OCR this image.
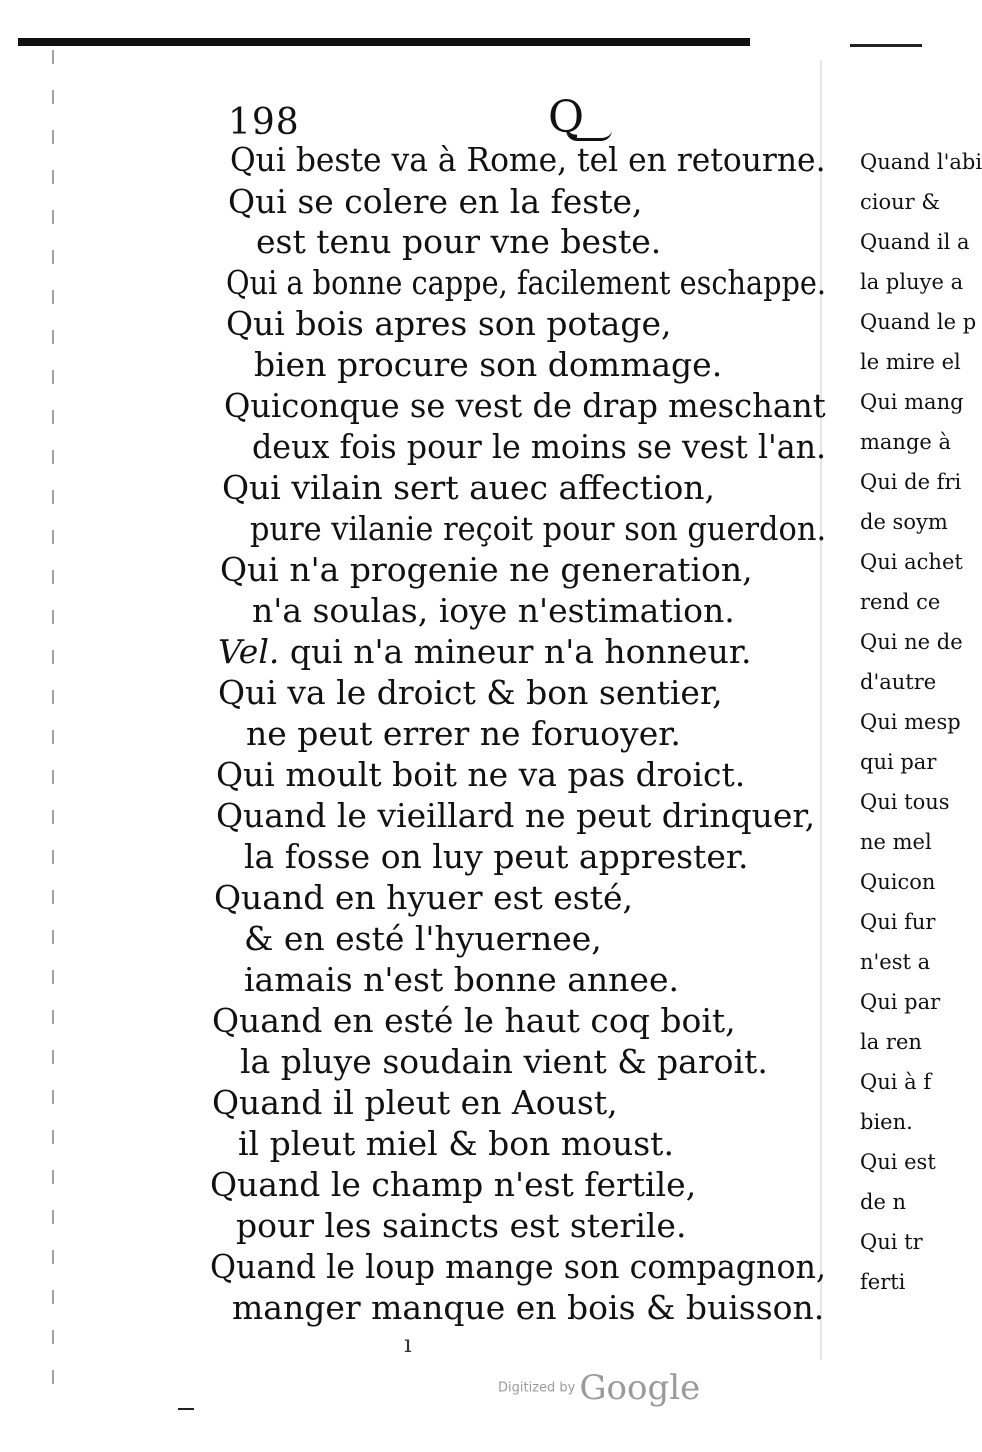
198	Q
Qui beste va à Rome, tel en retourne.
Qui se colere en la feste,
est tenu pour vne beste.
Qui a bonne cappe, facilement eschappe.
Qui bois apres son potage,
bien procure son dommage.
Quiconque se vest de drap meschant
deux fois pour le moins se vest l'an.
Qui vilain sert auec affection,
pure vilanie reçoit pour son guerdon.
Qui n'a progenie ne generation,
n'a soulas, ioye n'estimation.
Vel. qui n'a mineur n'a honneur.
Qui va le droict & bon sentier,
ne peut errer ne foruoyer.
Qui moult boit ne va pas droict.
Quand le vieillard ne peut drinquer,
la fosse on luy peut apprester.
Quand en hyuer est esté,
& en esté l'hyuernee,
iamais n'est bonne annee.
Quand en esté le haut coq boit,
la pluye soudain vient & paroit.
Quand il pleut en Aoust,
il pleut miel & bon moust.
Quand le champ n'est fertile,
pour les saincts est sterile.
Quand le loup mange son compagnon,
manger manque en bois & buisson.
Quand l'abi
ciour &
Quand il a
la pluye a
Quand le p
le mire el
Qui mang
mange à
Qui de fri
de soym
Qui achet
rend ce
Qui ne de
d'autre
Qui mesp
qui par
Qui tous
ne mel
Quicon
Qui fur
n'est a
Qui par
la ren
Qui à f
bien.
Qui est
de n
Qui tr
ferti
ı
Digitized by Google
